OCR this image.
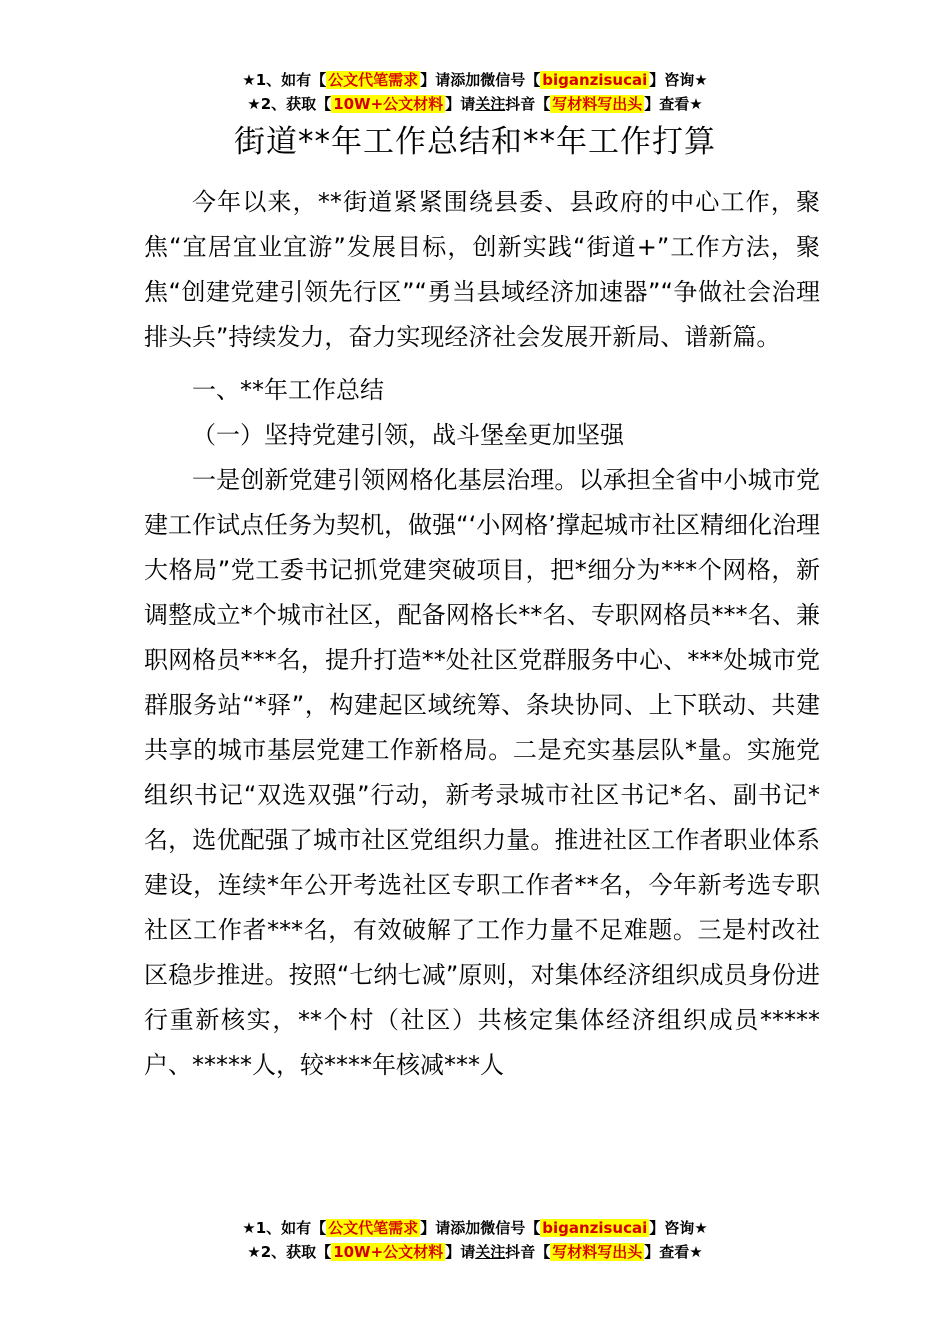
★1、如有【 公文代笔需求 】请添加微信号【 biganzisucai 】咨询★
★2、获取【 10W+公文材料 】请关注抖音【 写材料写出头 】查看★
街道**年工作总结和**年工作打算

今年以来，**街道紧紧围绕县委、县政府的中心工作，聚焦“宜居宜业宜游”发展目标，创新实践“街道+”工作方法，聚焦“创建党建引领先行区”“勇当县域经济加速器”“争做社会治理排头兵”持续发力，奋力实现经济社会发展开新局、谱新篇。

一、**年工作总结

（一）坚持党建引领，战斗堡垒更加坚强

一是创新党建引领网格化基层治理。以承担全省中小城市党建工作试点任务为契机，做强“‘小网格’撑起城市社区精细化治理大格局”党工委书记抓党建突破项目，把*细分为***个网格，新调整成立*个城市社区，配备网格长**名、专职网格员***名、兼职网格员***名，提升打造**处社区党群服务中心、***处城市党群服务站“*驿”，构建起区域统筹、条块协同、上下联动、共建共享的城市基层党建工作新格局。二是充实基层队*量。实施党组织书记“双选双强”行动，新考录城市社区书记*名、副书记*名，选优配强了城市社区党组织力量。推进社区工作者职业体系建设，连续*年公开考选社区专职工作者**名，今年新考选专职社区工作者***名，有效破解了工作力量不足难题。三是村改社区稳步推进。按照“七纳七减”原则，对集体经济组织成员身份进行重新核实，**个村（社区）共核定集体经济组织成员*****户、*****人，较****年核减***人

★1、如有【 公文代笔需求 】请添加微信号【 biganzisucai 】咨询★
★2、获取【 10W+公文材料 】请关注抖音【 写材料写出头 】查看★
